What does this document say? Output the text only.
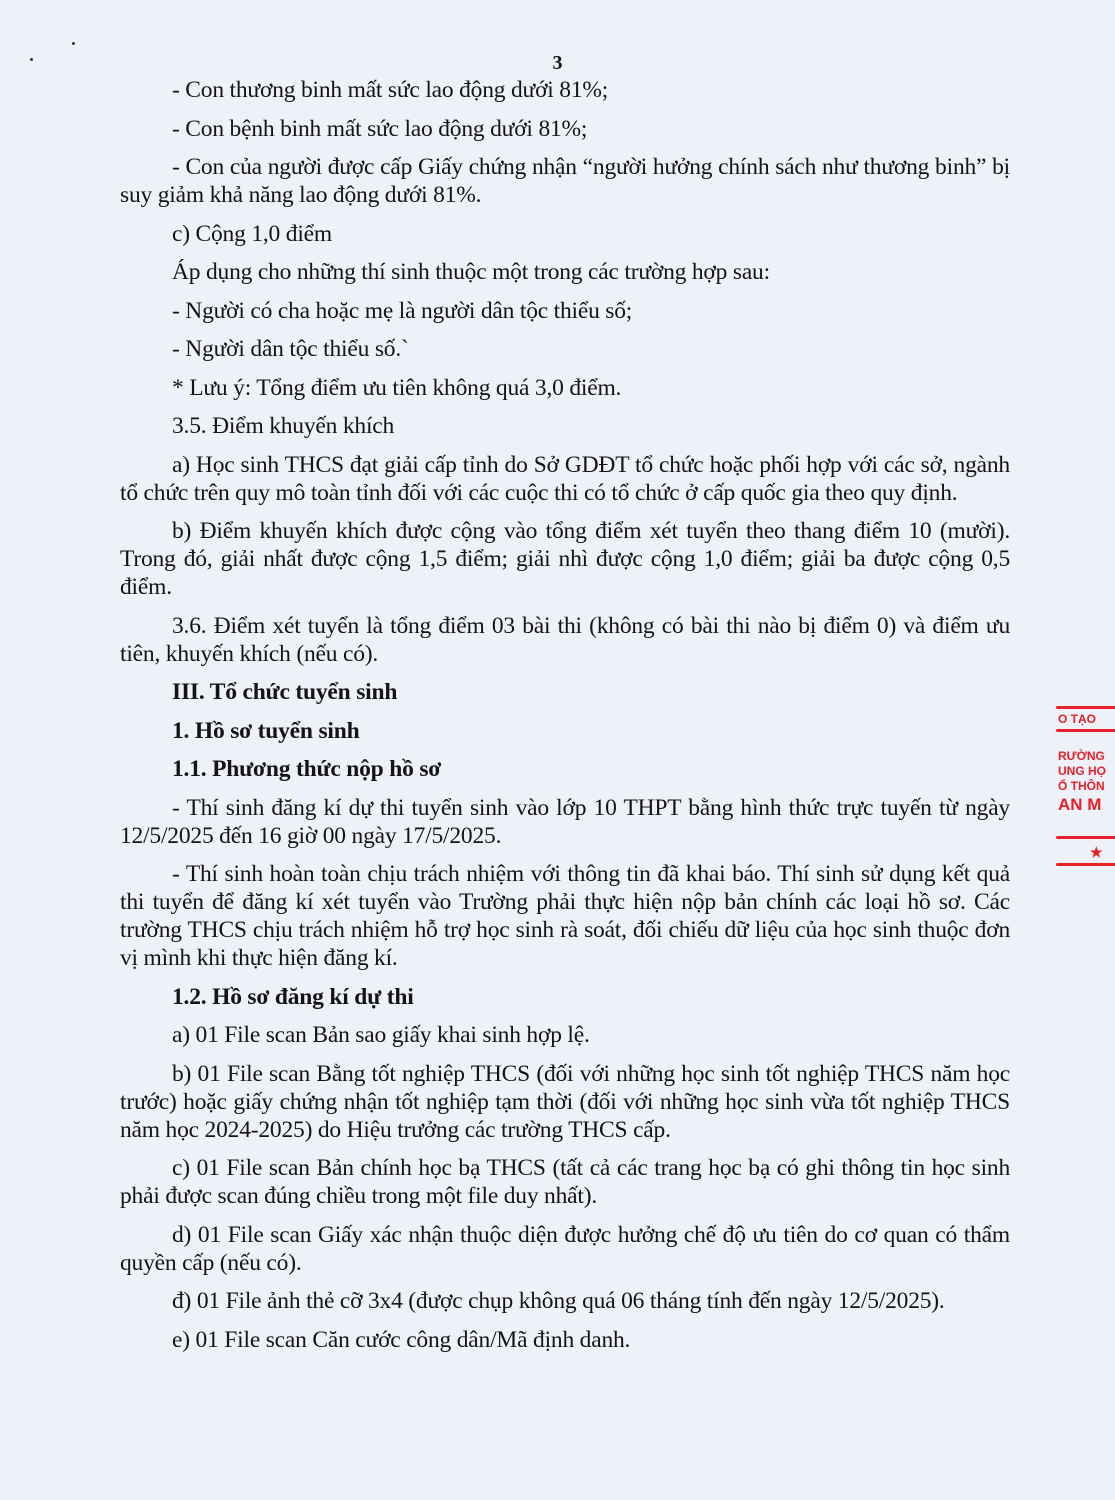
3

- Con thương binh mất sức lao động dưới 81%;

- Con bệnh binh mất sức lao động dưới 81%;

- Con của người được cấp Giấy chứng nhận “người hưởng chính sách như thương binh” bị suy giảm khả năng lao động dưới 81%.

c) Cộng 1,0 điểm

Áp dụng cho những thí sinh thuộc một trong các trường hợp sau:

- Người có cha hoặc mẹ là người dân tộc thiểu số;

- Người dân tộc thiểu số.`

* Lưu ý: Tổng điểm ưu tiên không quá 3,0 điểm.

3.5. Điểm khuyến khích

a) Học sinh THCS đạt giải cấp tỉnh do Sở GDĐT tổ chức hoặc phối hợp với các sở, ngành tổ chức trên quy mô toàn tỉnh đối với các cuộc thi có tổ chức ở cấp quốc gia theo quy định.

b) Điểm khuyến khích được cộng vào tổng điểm xét tuyển theo thang điểm 10 (mười). Trong đó, giải nhất được cộng 1,5 điểm; giải nhì được cộng 1,0 điểm; giải ba được cộng 0,5 điểm.

3.6. Điểm xét tuyển là tổng điểm 03 bài thi (không có bài thi nào bị điểm 0) và điểm ưu tiên, khuyến khích (nếu có).

III. Tổ chức tuyển sinh

1. Hồ sơ tuyển sinh

1.1. Phương thức nộp hồ sơ

- Thí sinh đăng kí dự thi tuyển sinh vào lớp 10 THPT bằng hình thức trực tuyến từ ngày 12/5/2025 đến 16 giờ 00 ngày 17/5/2025.

- Thí sinh hoàn toàn chịu trách nhiệm với thông tin đã khai báo. Thí sinh sử dụng kết quả thi tuyển để đăng kí xét tuyển vào Trường phải thực hiện nộp bản chính các loại hồ sơ. Các trường THCS chịu trách nhiệm hỗ trợ học sinh rà soát, đối chiếu dữ liệu của học sinh thuộc đơn vị mình khi thực hiện đăng kí.

1.2. Hồ sơ đăng kí dự thi

a) 01 File scan Bản sao giấy khai sinh hợp lệ.

b) 01 File scan Bằng tốt nghiệp THCS (đối với những học sinh tốt nghiệp THCS năm học trước) hoặc giấy chứng nhận tốt nghiệp tạm thời (đối với những học sinh vừa tốt nghiệp THCS năm học 2024-2025) do Hiệu trưởng các trường THCS cấp.

c) 01 File scan Bản chính học bạ THCS (tất cả các trang học bạ có ghi thông tin học sinh phải được scan đúng chiều trong một file duy nhất).

d) 01 File scan Giấy xác nhận thuộc diện được hưởng chế độ ưu tiên do cơ quan có thẩm quyền cấp (nếu có).

đ) 01 File ảnh thẻ cỡ 3x4 (được chụp không quá 06 tháng tính đến ngày 12/5/2025).

e) 01 File scan Căn cước công dân/Mã định danh.

O TẠO
RƯỜNG
UNG HỌ
Ổ THÔN
AN M
★
